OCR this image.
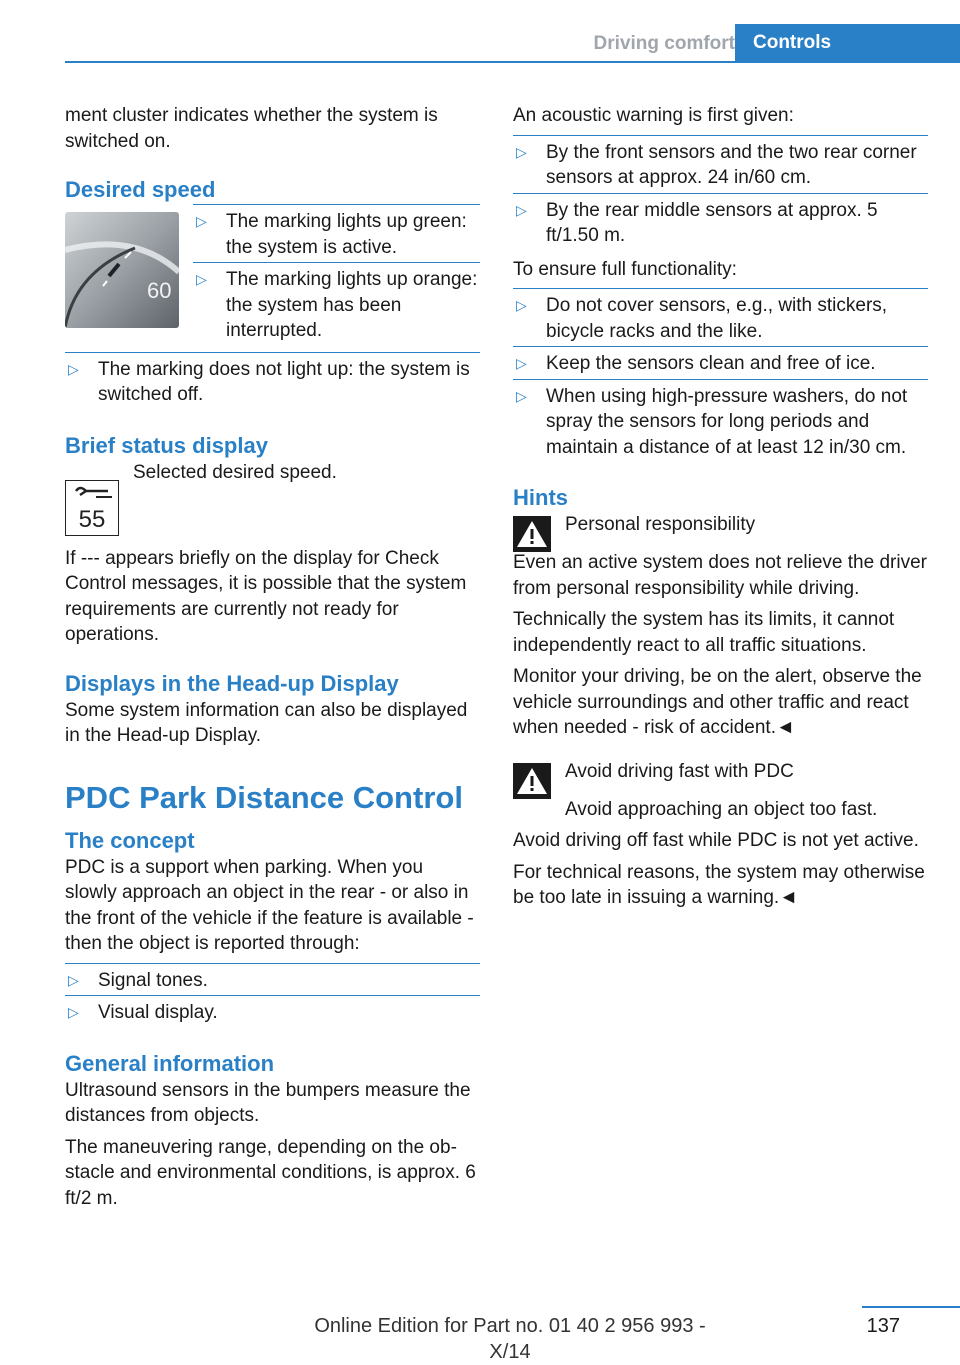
Driving comfort Controls

ment cluster indicates whether the system is switched on.

Desired speed
60
▷ The marking lights up green: the system is active.
▷ The marking lights up orange: the system has been interrupted.
▷ The marking does not light up: the system is switched off.
Brief status display
55

Selected desired speed.

If --- appears briefly on the display for Check Control messages, it is possible that the system requirements are currently not ready for operations.

Displays in the Head-up Display

Some system information can also be displayed in the Head-up Display.

PDC Park Distance Control
The concept

PDC is a support when parking. When you slowly approach an object in the rear - or also in the front of the vehicle if the feature is available - then the object is reported through:

▷ Signal tones.
▷ Visual display.
General information

Ultrasound sensors in the bumpers measure the distances from objects.

The maneuvering range, depending on the obstacle and environmental conditions, is approx. 6 ft/2 m.

An acoustic warning is first given:

▷ By the front sensors and the two rear corner sensors at approx. 24 in/60 cm.
▷ By the rear middle sensors at approx. 5 ft/1.50 m.

To ensure full functionality:

▷ Do not cover sensors, e.g., with stickers, bicycle racks and the like.
▷ Keep the sensors clean and free of ice.
▷ When using high-pressure washers, do not spray the sensors for long periods and maintain a distance of at least 12 in/30 cm.
Hints

Personal responsibility

Even an active system does not relieve the driver from personal responsibility while driving.

Technically the system has its limits, it cannot independently react to all traffic situations.

Monitor your driving, be on the alert, observe the vehicle surroundings and other traffic and react when needed - risk of accident.◄

Avoid driving fast with PDC

Avoid approaching an object too fast.

Avoid driving off fast while PDC is not yet active.

For technical reasons, the system may otherwise be too late in issuing a warning.◄

137
Online Edition for Part no. 01 40 2 956 993 - X/14
